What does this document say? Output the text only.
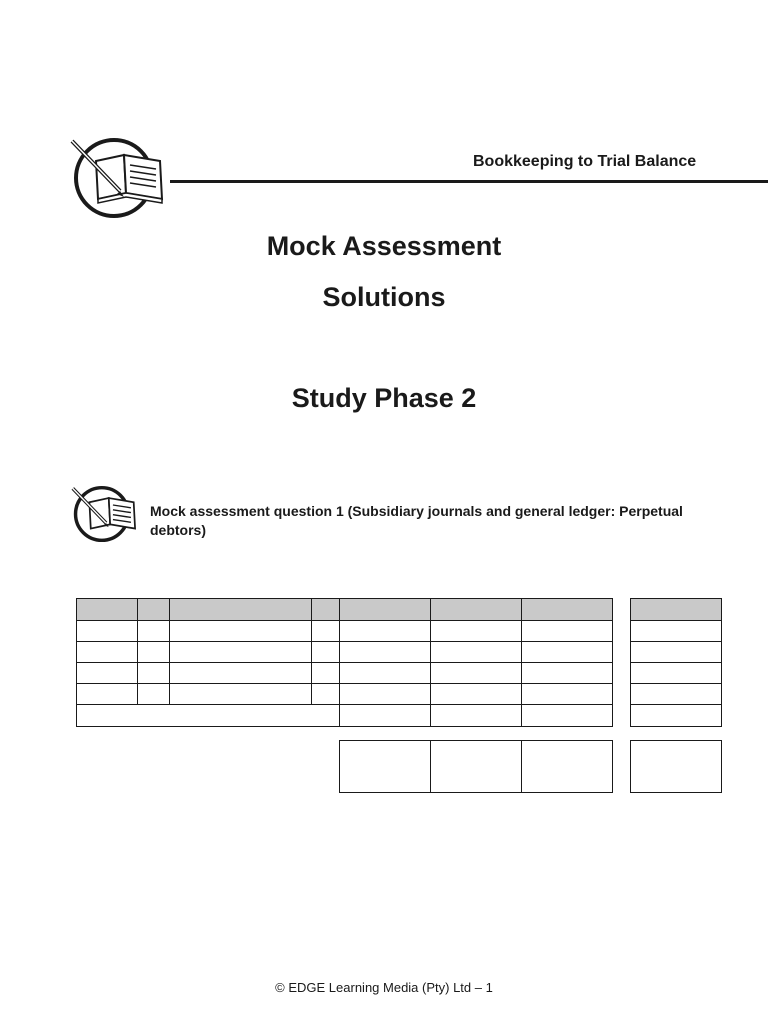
Bookkeeping to Trial Balance
Mock Assessment
Solutions
Study Phase 2
Mock assessment question 1 (Subsidiary journals and general ledger: Perpetual debtors)
© EDGE Learning Media (Pty) Ltd – 1
